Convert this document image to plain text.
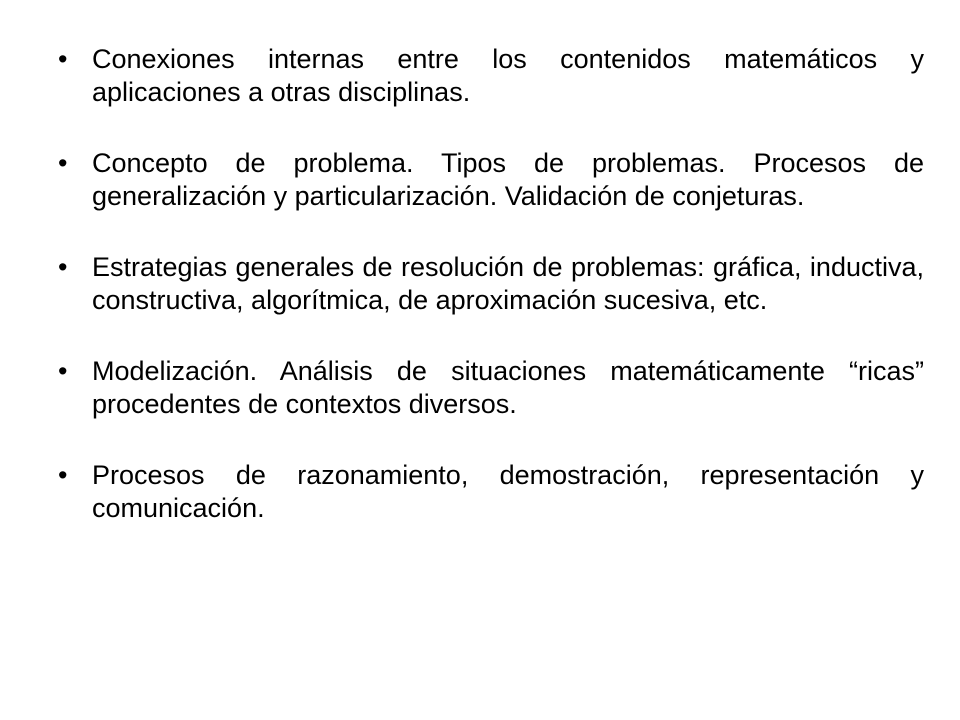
• Conexiones internas entre los contenidos matemáticos y aplicaciones a otras disciplinas.
• Concepto de problema. Tipos de problemas. Procesos de generalización y particularización. Validación de conjeturas.
• Estrategias generales de resolución de problemas: gráfica, inductiva, constructiva, algorítmica, de aproximación sucesiva, etc.
• Modelización. Análisis de situaciones matemáticamente “ricas” procedentes de contextos diversos.
• Procesos de razonamiento, demostración, representación y comunicación.
